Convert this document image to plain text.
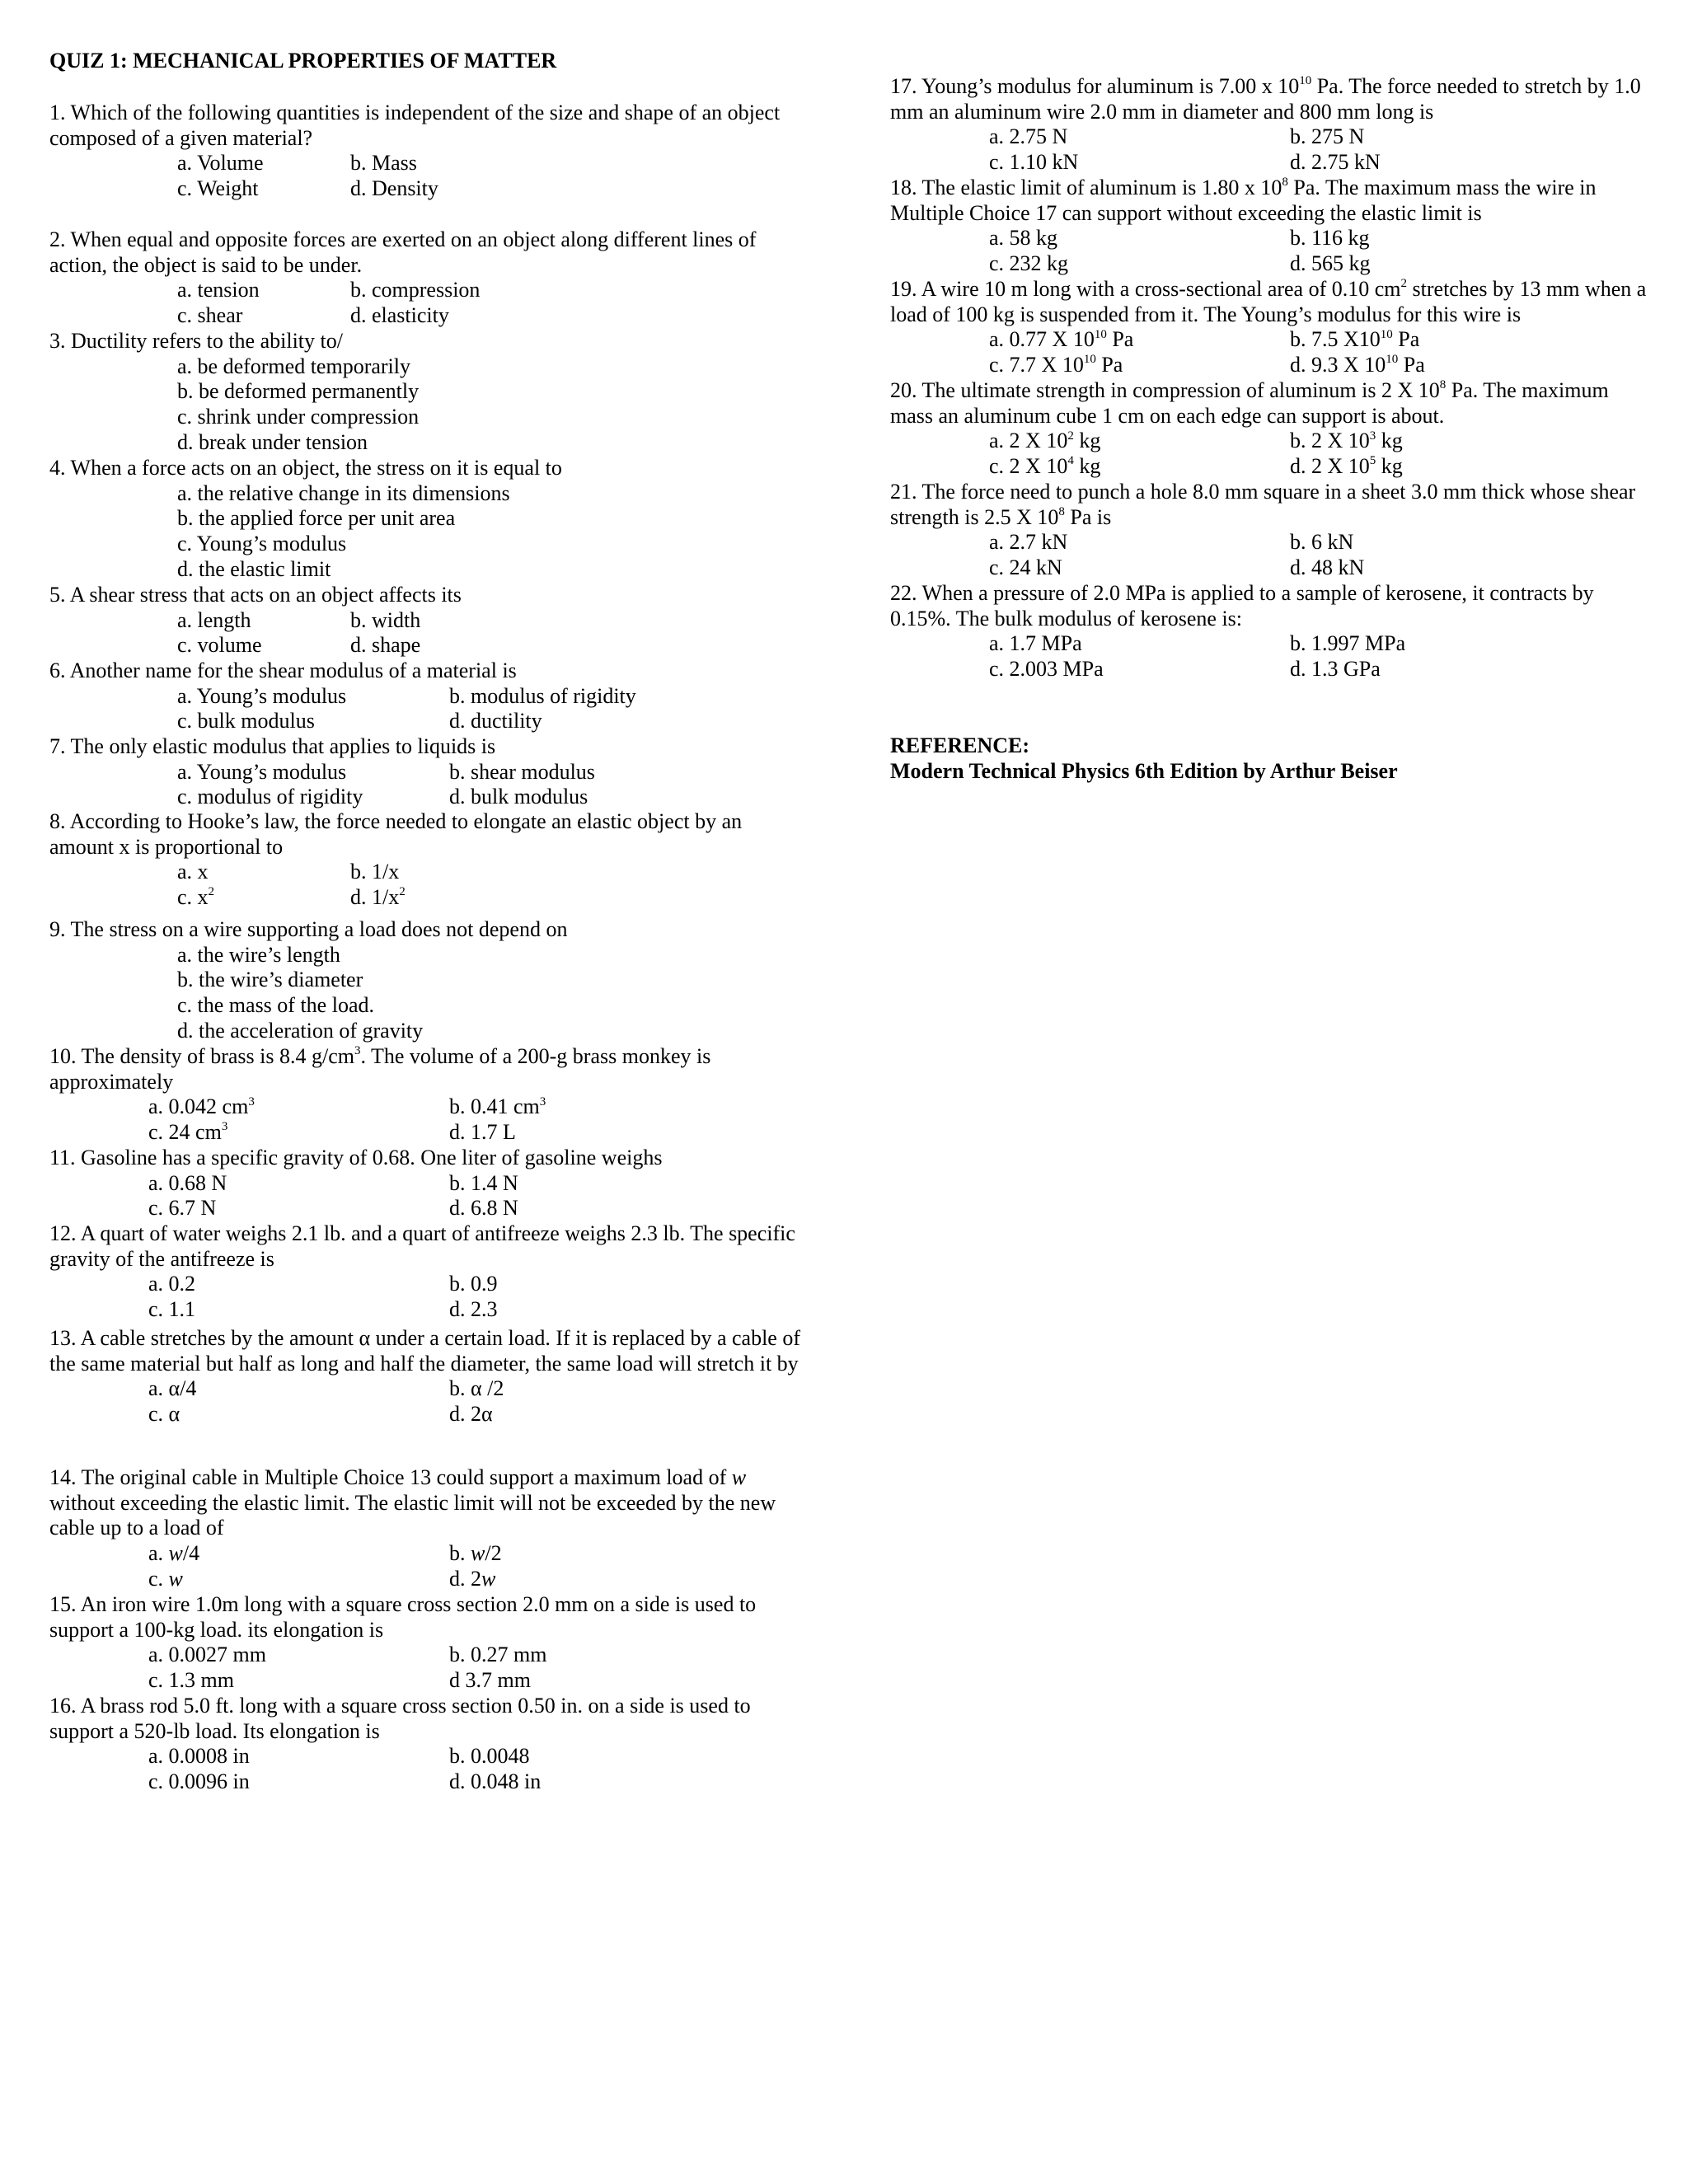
QUIZ 1: MECHANICAL PROPERTIES OF MATTER
1. Which of the following quantities is independent of the size and shape of an object composed of a given material?
a. Volume	b. Mass
c. Weight	d. Density
2. When equal and opposite forces are exerted on an object along different lines of action, the object is said to be under.
a. tension	b. compression
c. shear	d. elasticity
3. Ductility refers to the ability to/
a. be deformed temporarily
b. be deformed permanently
c. shrink under compression
d. break under tension
4. When a force acts on an object, the stress on it is equal to
a. the relative change in its dimensions
b. the applied force per unit area
c. Young’s modulus
d. the elastic limit
5. A shear stress that acts on an object affects its
a. length	b. width
c. volume	d. shape
6. Another name for the shear modulus of a material is
a. Young’s modulus	b. modulus of rigidity
c. bulk modulus	d. ductility
7. The only elastic modulus that applies to liquids is
a. Young’s modulus	b. shear modulus
c. modulus of rigidity	d. bulk modulus
8. According to Hooke’s law, the force needed to elongate an elastic object by an amount x is proportional to
a. x	b. 1/x
c. $x^2$	d. $1/x^2$
9. The stress on a wire supporting a load does not depend on
a. the wire’s length
b. the wire’s diameter
c. the mass of the load.
d. the acceleration of gravity
10. The density of brass is 8.4 $g/cm^3$. The volume of a 200-g brass monkey is approximately
a. 0.042 $cm^3$	b. 0.41 $cm^3$
c. 24 $cm^3$	d. 1.7 L
11. Gasoline has a specific gravity of 0.68. One liter of gasoline weighs
a. 0.68 N	b. 1.4 N
c. 6.7 N	d. 6.8 N
12. A quart of water weighs 2.1 lb. and a quart of antifreeze weighs 2.3 lb. The specific gravity of the antifreeze is
a. 0.2	b. 0.9
c. 1.1	d. 2.3
13. A cable stretches by the amount α under a certain load. If it is replaced by a cable of the same material but half as long and half the diameter, the same load will stretch it by
a. α/4	b. α /2
c. α	d. 2α
14. The original cable in Multiple Choice 13 could support a maximum load of w without exceeding the elastic limit. The elastic limit will not be exceeded by the new cable up to a load of
a. w/4	b. w/2
c. w	d. 2w
15. An iron wire 1.0m long with a square cross section 2.0 mm on a side is used to support a 100-kg load. its elongation is
a. 0.0027 mm	b. 0.27 mm
c. 1.3 mm	d 3.7 mm
16. A brass rod 5.0 ft. long with a square cross section 0.50 in. on a side is used to support a 520-lb load. Its elongation is
a. 0.0008 in	b. 0.0048
c. 0.0096 in	d. 0.048 in
17. Young’s modulus for aluminum is 7.00 x $10^{10}$ Pa. The force needed to stretch by 1.0 mm an aluminum wire 2.0 mm in diameter and 800 mm long is
a. 2.75 N	b. 275 N
c. 1.10 kN	d. 2.75 kN
18. The elastic limit of aluminum is 1.80 x $10^8$ Pa. The maximum mass the wire in Multiple Choice 17 can support without exceeding the elastic limit is
a. 58 kg	b. 116 kg
c. 232 kg	d. 565 kg
19. A wire 10 m long with a cross-sectional area of 0.10 $cm^2$ stretches by 13 mm when a load of 100 kg is suspended from it. The Young’s modulus for this wire is
a. 0.77 X $10^{10}$ Pa	b. 7.5 $X10^{10}$ Pa
c. 7.7 X $10^{10}$ Pa	d. 9.3 X $10^{10}$ Pa
20. The ultimate strength in compression of aluminum is 2 X $10^8$ Pa. The maximum mass an aluminum cube 1 cm on each edge can support is about.
a. 2 X $10^2$ kg	b. 2 X $10^3$ kg
c. 2 X $10^4$ kg	d. 2 X $10^5$ kg
21. The force need to punch a hole 8.0 mm square in a sheet 3.0 mm thick whose shear strength is 2.5 X $10^8$ Pa is
a. 2.7 kN	b. 6 kN
c. 24 kN	d. 48 kN
22. When a pressure of 2.0 MPa is applied to a sample of kerosene, it contracts by 0.15%. The bulk modulus of kerosene is:
a. 1.7 MPa	b. 1.997 MPa
c. 2.003 MPa	d. 1.3 GPa
REFERENCE:
Modern Technical Physics 6th Edition by Arthur Beiser
